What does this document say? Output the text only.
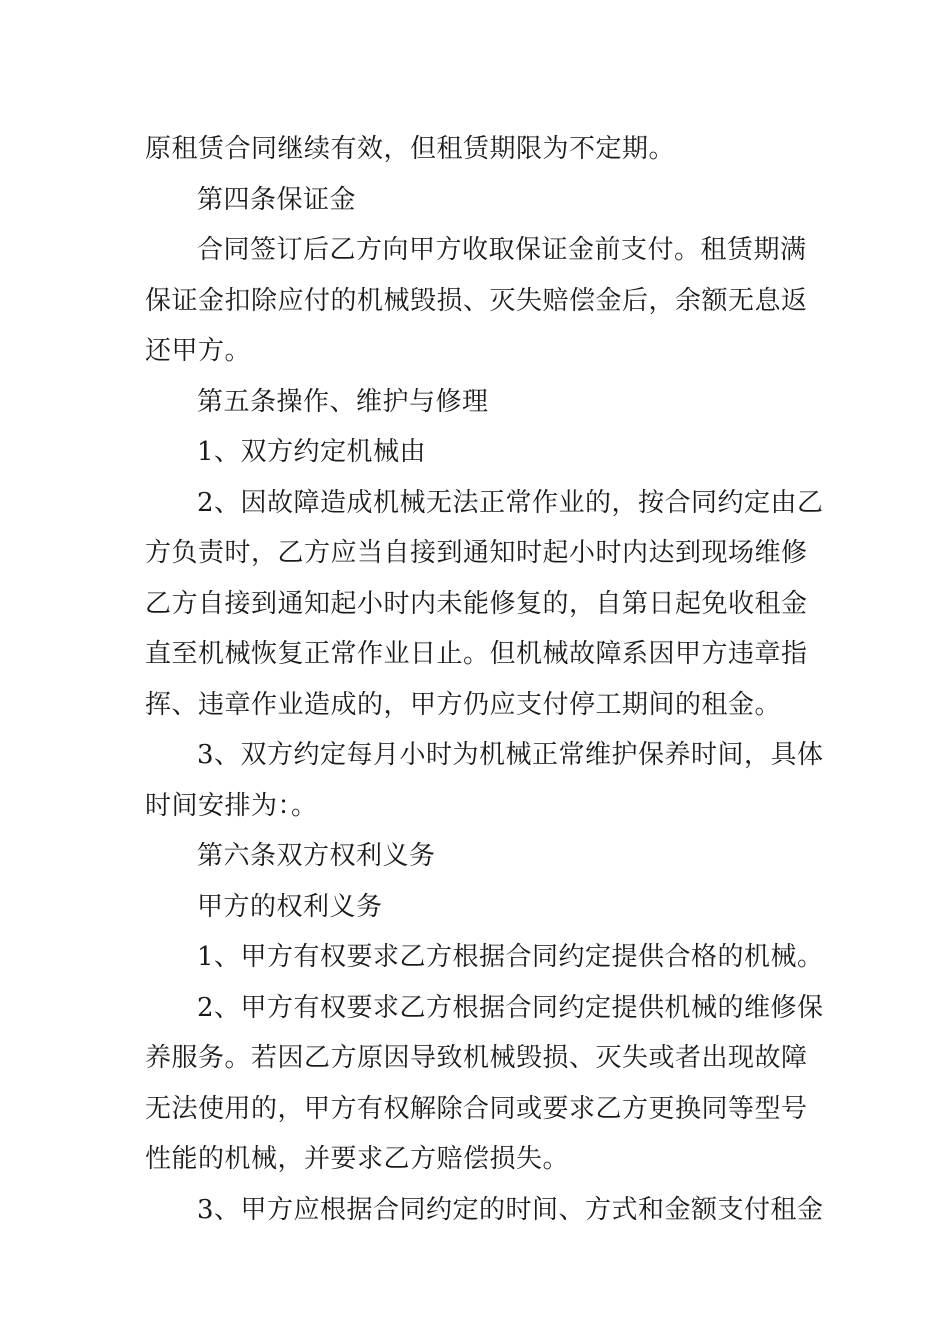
原租赁合同继续有效，但租赁期限为不定期。
第四条保证金
合同签订后乙方向甲方收取保证金前支付。租赁期满
保证金扣除应付的机械毁损、灭失赔偿金后，余额无息返
还甲方。
第五条操作、维护与修理
1、双方约定机械由
2、因故障造成机械无法正常作业的，按合同约定由乙
方负责时，乙方应当自接到通知时起小时内达到现场维修
乙方自接到通知起小时内未能修复的，自第日起免收租金
直至机械恢复正常作业日止。但机械故障系因甲方违章指
挥、违章作业造成的，甲方仍应支付停工期间的租金。
3、双方约定每月小时为机械正常维护保养时间，具体
时间安排为：。
第六条双方权利义务
甲方的权利义务
1、甲方有权要求乙方根据合同约定提供合格的机械。
2、甲方有权要求乙方根据合同约定提供机械的维修保
养服务。若因乙方原因导致机械毁损、灭失或者出现故障
无法使用的，甲方有权解除合同或要求乙方更换同等型号
性能的机械，并要求乙方赔偿损失。
3、甲方应根据合同约定的时间、方式和金额支付租金
